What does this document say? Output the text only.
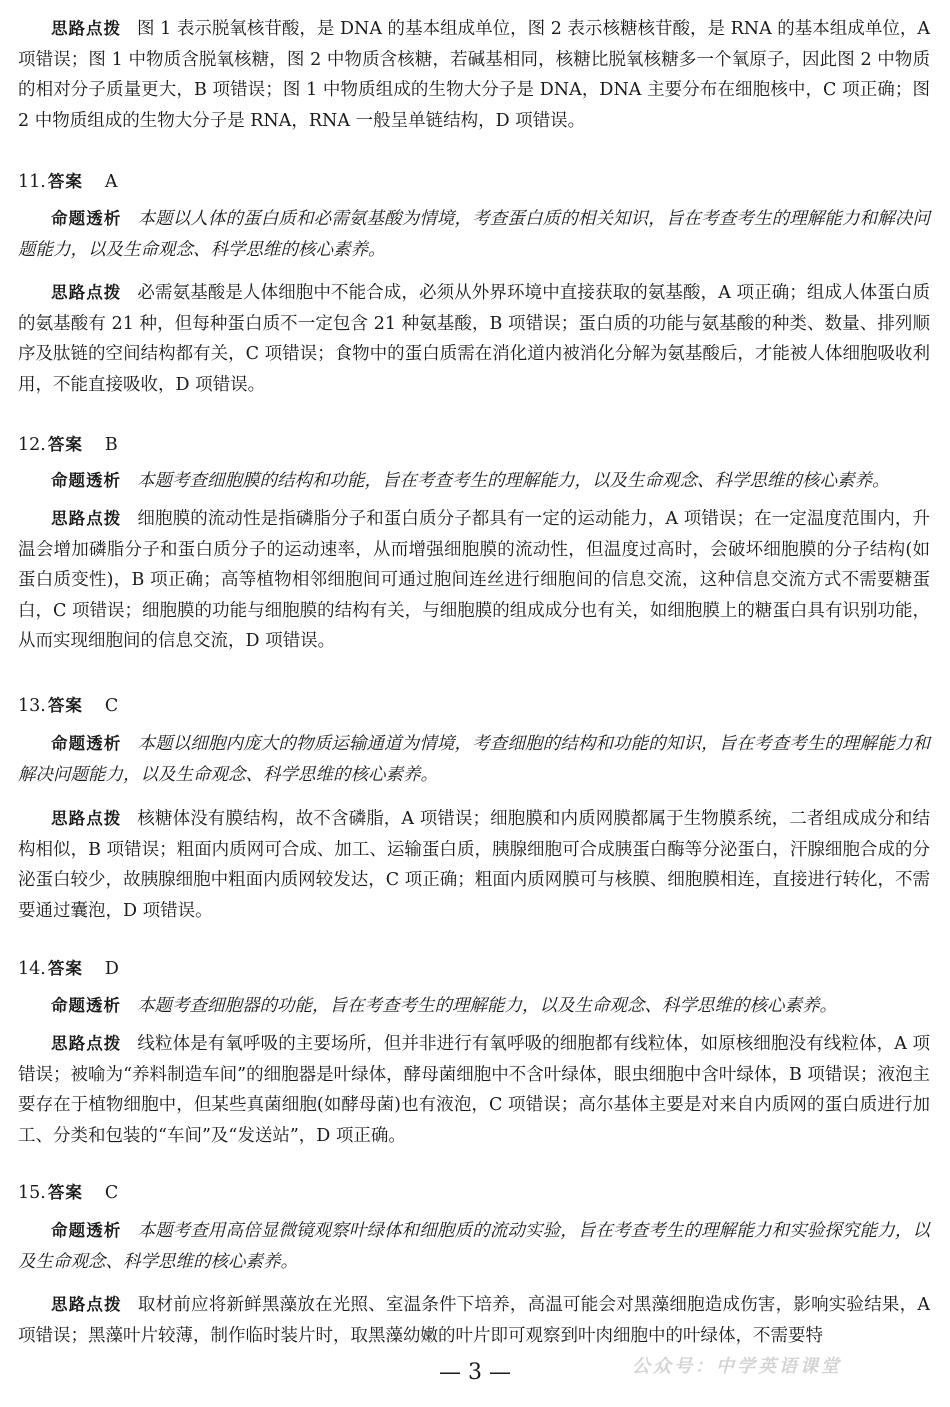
思路点拨 图 1 表示脱氧核苷酸，是 DNA 的基本组成单位，图 2 表示核糖核苷酸，是 RNA 的基本组成单位，A 项错误；图 1 中物质含脱氧核糖，图 2 中物质含核糖，若碱基相同，核糖比脱氧核糖多一个氧原子，因此图 2 中物质的相对分子质量更大，B 项错误；图 1 中物质组成的生物大分子是 DNA，DNA 主要分布在细胞核中，C 项正确；图 2 中物质组成的生物大分子是 RNA，RNA 一般呈单链结构，D 项错误。

11. 答案 A

命题透析 本题以人体的蛋白质和必需氨基酸为情境，考查蛋白质的相关知识，旨在考查考生的理解能力和解决问题能力，以及生命观念、科学思维的核心素养。

思路点拨 必需氨基酸是人体细胞中不能合成，必须从外界环境中直接获取的氨基酸，A 项正确；组成人体蛋白质的氨基酸有 21 种，但每种蛋白质不一定包含 21 种氨基酸，B 项错误；蛋白质的功能与氨基酸的种类、数量、排列顺序及肽链的空间结构都有关，C 项错误；食物中的蛋白质需在消化道内被消化分解为氨基酸后，才能被人体细胞吸收利用，不能直接吸收，D 项错误。

12. 答案 B

命题透析 本题考查细胞膜的结构和功能，旨在考查考生的理解能力，以及生命观念、科学思维的核心素养。

思路点拨 细胞膜的流动性是指磷脂分子和蛋白质分子都具有一定的运动能力，A 项错误；在一定温度范围内，升温会增加磷脂分子和蛋白质分子的运动速率，从而增强细胞膜的流动性，但温度过高时，会破坏细胞膜的分子结构(如蛋白质变性)，B 项正确；高等植物相邻细胞间可通过胞间连丝进行细胞间的信息交流，这种信息交流方式不需要糖蛋白，C 项错误；细胞膜的功能与细胞膜的结构有关，与细胞膜的组成成分也有关，如细胞膜上的糖蛋白具有识别功能，从而实现细胞间的信息交流，D 项错误。

13. 答案 C

命题透析 本题以细胞内庞大的物质运输通道为情境，考查细胞的结构和功能的知识，旨在考查考生的理解能力和解决问题能力，以及生命观念、科学思维的核心素养。

思路点拨 核糖体没有膜结构，故不含磷脂，A 项错误；细胞膜和内质网膜都属于生物膜系统，二者组成成分和结构相似，B 项错误；粗面内质网可合成、加工、运输蛋白质，胰腺细胞可合成胰蛋白酶等分泌蛋白，汗腺细胞合成的分泌蛋白较少，故胰腺细胞中粗面内质网较发达，C 项正确；粗面内质网膜可与核膜、细胞膜相连，直接进行转化，不需要通过囊泡，D 项错误。

14. 答案 D

命题透析 本题考查细胞器的功能，旨在考查考生的理解能力，以及生命观念、科学思维的核心素养。

思路点拨 线粒体是有氧呼吸的主要场所，但并非进行有氧呼吸的细胞都有线粒体，如原核细胞没有线粒体，A 项错误；被喻为“养料制造车间”的细胞器是叶绿体，酵母菌细胞中不含叶绿体，眼虫细胞中含叶绿体，B 项错误；液泡主要存在于植物细胞中，但某些真菌细胞(如酵母菌)也有液泡，C 项错误；高尔基体主要是对来自内质网的蛋白质进行加工、分类和包装的“车间”及“发送站”，D 项正确。

15. 答案 C

命题透析 本题考查用高倍显微镜观察叶绿体和细胞质的流动实验，旨在考查考生的理解能力和实验探究能力，以及生命观念、科学思维的核心素养。

思路点拨 取材前应将新鲜黑藻放在光照、室温条件下培养，高温可能会对黑藻细胞造成伤害，影响实验结果，A 项错误；黑藻叶片较薄，制作临时装片时，取黑藻幼嫩的叶片即可观察到叶肉细胞中的叶绿体，不需要特

— 3 —	公众号：中学英语课堂
